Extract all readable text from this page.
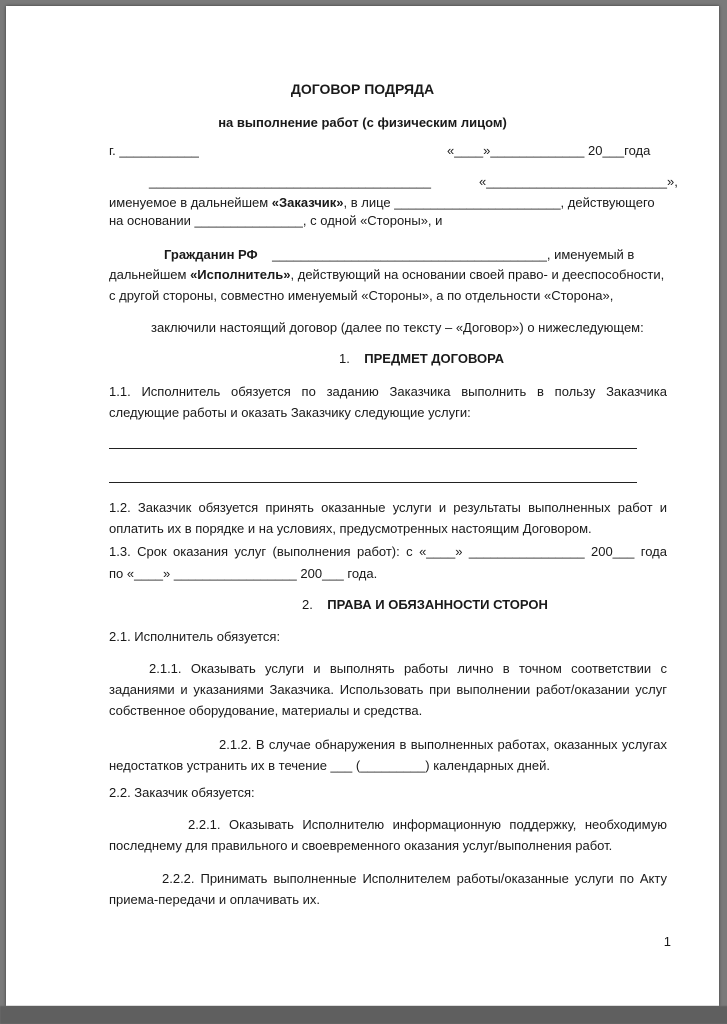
ДОГОВОР ПОДРЯДА
на выполнение работ (с физическим лицом)
г. ___________	«____»_____________ 20___года
_______________________________________	«_________________________»,
именуемое в дальнейшем «Заказчик», в лице _______________________, действующего
на основании _______________, с одной «Стороны», и
Гражданин РФ ______________________________________, именуемый в
дальнейшем «Исполнитель», действующий на основании своей право- и дееспособности,
с другой стороны, совместно именуемый «Стороны», а по отдельности «Сторона»,
заключили настоящий договор (далее по тексту – «Договор») о нижеследующем:
1. ПРЕДМЕТ ДОГОВОРА
1.1. Исполнитель обязуется по заданию Заказчика выполнить в пользу Заказчика следующие работы и оказать Заказчику следующие услуги:
1.2. Заказчик обязуется принять оказанные услуги и результаты выполненных работ и оплатить их в порядке и на условиях, предусмотренных настоящим Договором.
1.3. Срок оказания услуг (выполнения работ): с «____» ________________ 200___ года
по «____» _________________ 200___ года.
2. ПРАВА И ОБЯЗАННОСТИ СТОРОН
2.1. Исполнитель обязуется:
2.1.1. Оказывать услуги и выполнять работы лично в точном соответствии с заданиями и указаниями Заказчика. Использовать при выполнении работ/оказании услуг собственное оборудование, материалы и средства.
2.1.2. В случае обнаружения в выполненных работах, оказанных услугах недостатков устранить их в течение ___ (_________) календарных дней.
2.2. Заказчик обязуется:
2.2.1. Оказывать Исполнителю информационную поддержку, необходимую последнему для правильного и своевременного оказания услуг/выполнения работ.
2.2.2. Принимать выполненные Исполнителем работы/оказанные услуги по Акту приема-передачи и оплачивать их.
1
